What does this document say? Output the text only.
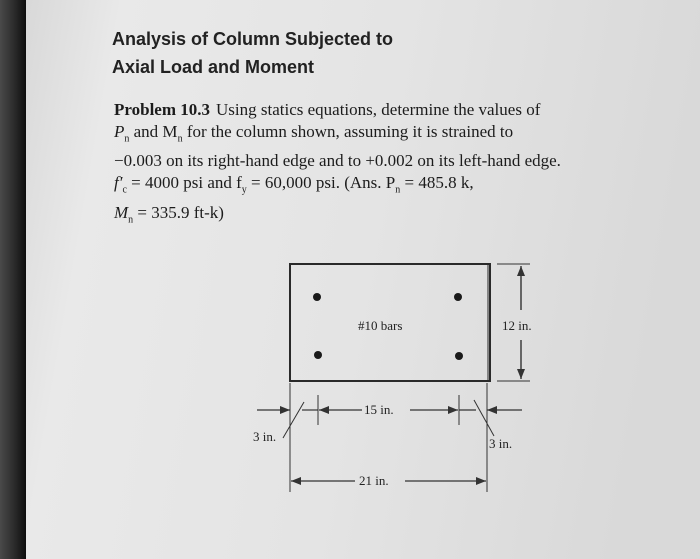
Analysis of Column Subjected to
Axial Load and Moment
Problem 10.3 Using statics equations, determine the values of
$P_n$ and $M_n$ for the column shown, assuming it is strained to
−0.003 on its right-hand edge and to +0.002 on its left-hand edge.
$f'_c = 4000$ psi and $f_y = 60,000$ psi. (Ans. $P_n = 485.8$ k,
$M_n = 335.9$ ft-k)
#10 bars	12 in.
15 in.
3 in.	3 in.
21 in.
